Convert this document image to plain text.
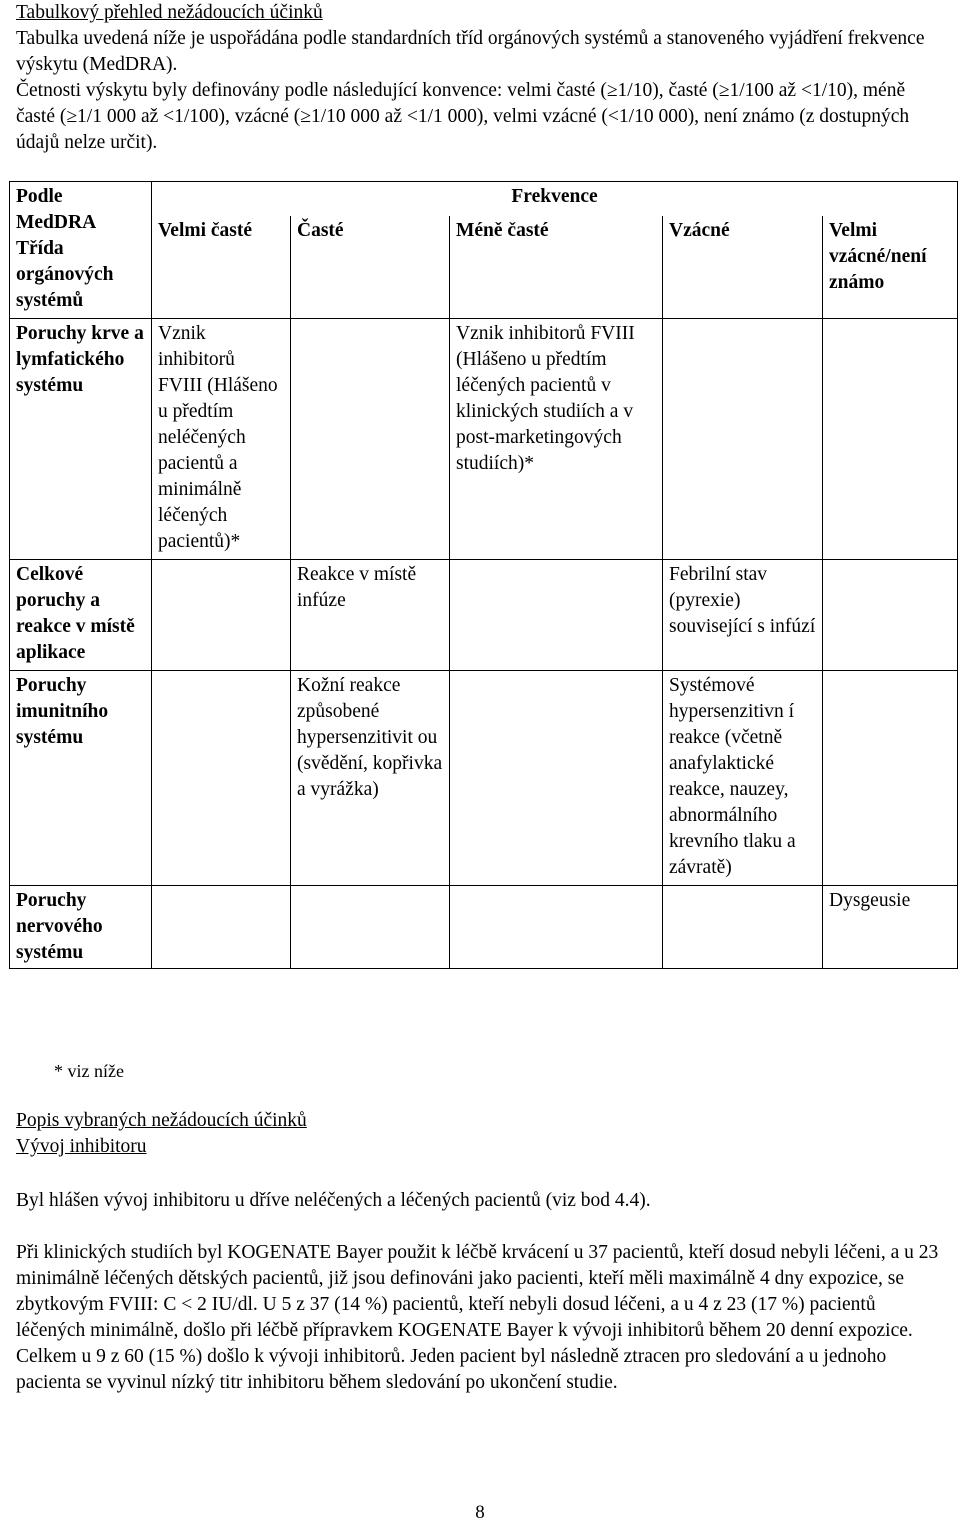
Tabulkový přehled nežádoucích účinků

Tabulka uvedená níže je uspořádána podle standardních tříd orgánových systémů a stanoveného vyjádření frekvence výskytu (MedDRA).

Četnosti výskytu byly definovány podle následující konvence: velmi časté (≥1/10), časté (≥1/100 až <1/10), méně časté (≥1/1 000 až <1/100), vzácné (≥1/10 000 až <1/1 000), velmi vzácné (<1/10 000), není známo (z dostupných údajů nelze určit).

Podle MedDRA Třída orgánových systémů	Frekvence				
	Velmi časté	Časté	Méně časté	Vzácné	Velmi vzácné/není známo
Poruchy krve a lymfatického systému	Vznik inhibitorů FVIII (Hlášeno u předtím neléčených pacientů a minimálně léčených pacientů)*		Vznik inhibitorů FVIII (Hlášeno u předtím léčených pacientů v klinických studiích a v post-marketingových studiích)*		
Celkové poruchy a reakce v místě aplikace		Reakce v místě infúze		Febrilní stav (pyrexie) související s infúzí	
Poruchy imunitního systému		Kožní reakce způsobené hypersenzitivit ou (svědění, kopřivka a vyrážka)		Systémové hypersenzitivn í reakce (včetně anafylaktické reakce, nauzey, abnormálního krevního tlaku a závratě)	
Poruchy nervového systému					Dysgeusie
* viz níže

Popis vybraných nežádoucích účinků

Vývoj inhibitoru

Byl hlášen vývoj inhibitoru u dříve neléčených a léčených pacientů (viz bod 4.4).

Při klinických studiích byl KOGENATE Bayer použit k léčbě krvácení u 37 pacientů, kteří dosud nebyli léčeni, a u 23 minimálně léčených dětských pacientů, již jsou definováni jako pacienti, kteří měli maximálně 4 dny expozice, se zbytkovým FVIII: C < 2 IU/dl. U 5 z 37 (14 %) pacientů, kteří nebyli dosud léčeni, a u 4 z 23 (17 %) pacientů léčených minimálně, došlo při léčbě přípravkem KOGENATE Bayer k vývoji inhibitorů během 20 denní expozice. Celkem u 9 z 60 (15 %) došlo k vývoji inhibitorů. Jeden pacient byl následně ztracen pro sledování a u jednoho pacienta se vyvinul nízký titr inhibitoru během sledování po ukončení studie.

8
